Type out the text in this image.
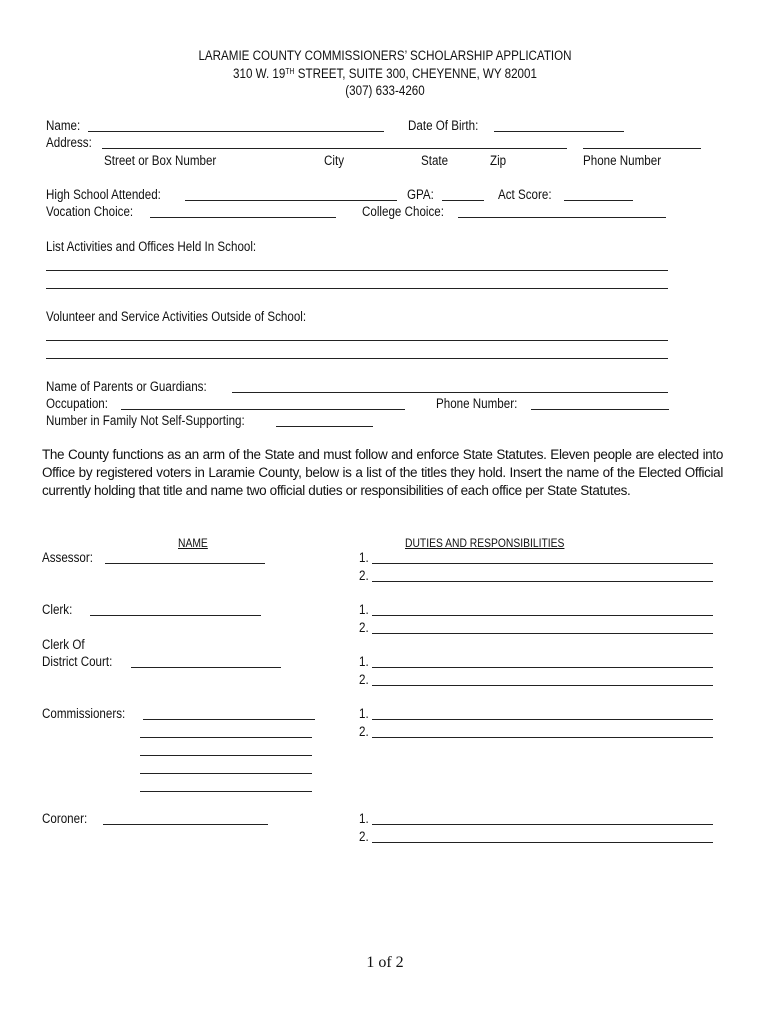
LARAMIE COUNTY COMMISSIONERS’ SCHOLARSHIP APPLICATION
310 W. 19TH STREET, SUITE 300, CHEYENNE, WY 82001
(307) 633-4260
Name:	Date Of Birth:
Address:
Street or Box Number	City	State	Zip	Phone Number
High School Attended:	GPA:	Act Score:
Vocation Choice:	College Choice:
List Activities and Offices Held In School:
Volunteer and Service Activities Outside of School:
Name of Parents or Guardians:
Occupation:	Phone Number:
Number in Family Not Self-Supporting:
The County functions as an arm of the State and must follow and enforce State Statutes. Eleven people are elected into Office by registered voters in Laramie County, below is a list of the titles they hold. Insert the name of the Elected Official currently holding that title and name two official duties or responsibilities of each office per State Statutes.
NAME	DUTIES AND RESPONSIBILITIES
Assessor:	1.
2.
Clerk:	1.
2.
Clerk Of
District Court:	1.
2.
Commissioners:	1.
2.
Coroner:	1.
2.
1 of 2
